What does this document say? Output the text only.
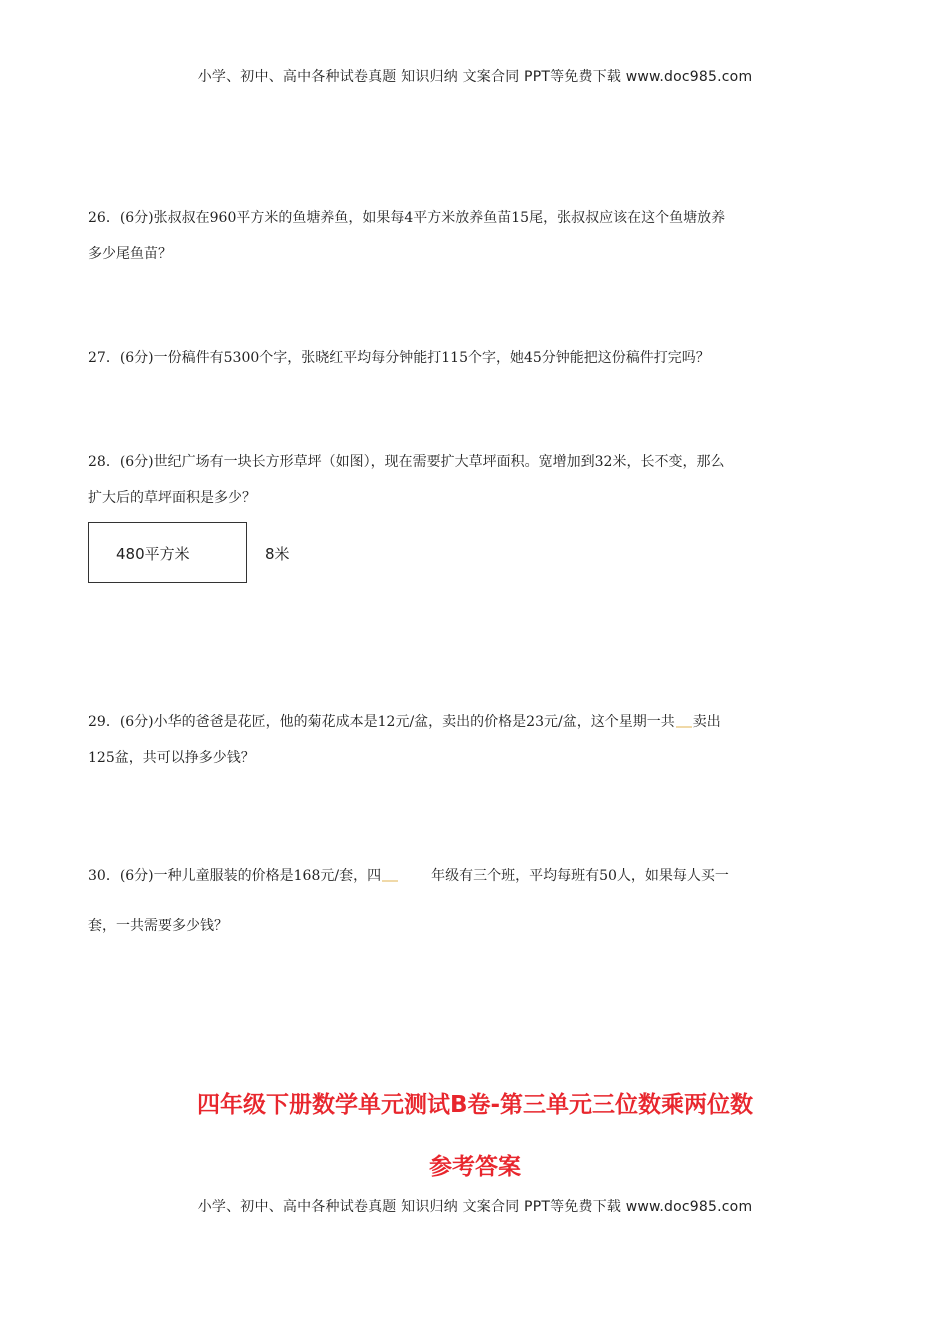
小学、初中、高中各种试卷真题 知识归纳 文案合同 PPT等免费下载 www.doc985.com
26．(6分)张叔叔在960平方米的鱼塘养鱼，如果每4平方米放养鱼苗15尾，张叔叔应该在这个鱼塘放养
多少尾鱼苗？
27．(6分)一份稿件有5300个字，张晓红平均每分钟能打115个字，她45分钟能把这份稿件打完吗？
28．(6分)世纪广场有一块长方形草坪（如图），现在需要扩大草坪面积。宽增加到32米，长不变，那么
扩大后的草坪面积是多少？
480平方米	8米
29．(6分)小华的爸爸是花匠，他的菊花成本是12元/盆，卖出的价格是23元/盆，这个星期一共 卖出
125盆，共可以挣多少钱？
30．(6分)一种儿童服装的价格是168元/套，四	年级有三个班，平均每班有50人，如果每人买一
套，一共需要多少钱？
四年级下册数学单元测试B卷-第三单元三位数乘两位数
参考答案
小学、初中、高中各种试卷真题 知识归纳 文案合同 PPT等免费下载 www.doc985.com
